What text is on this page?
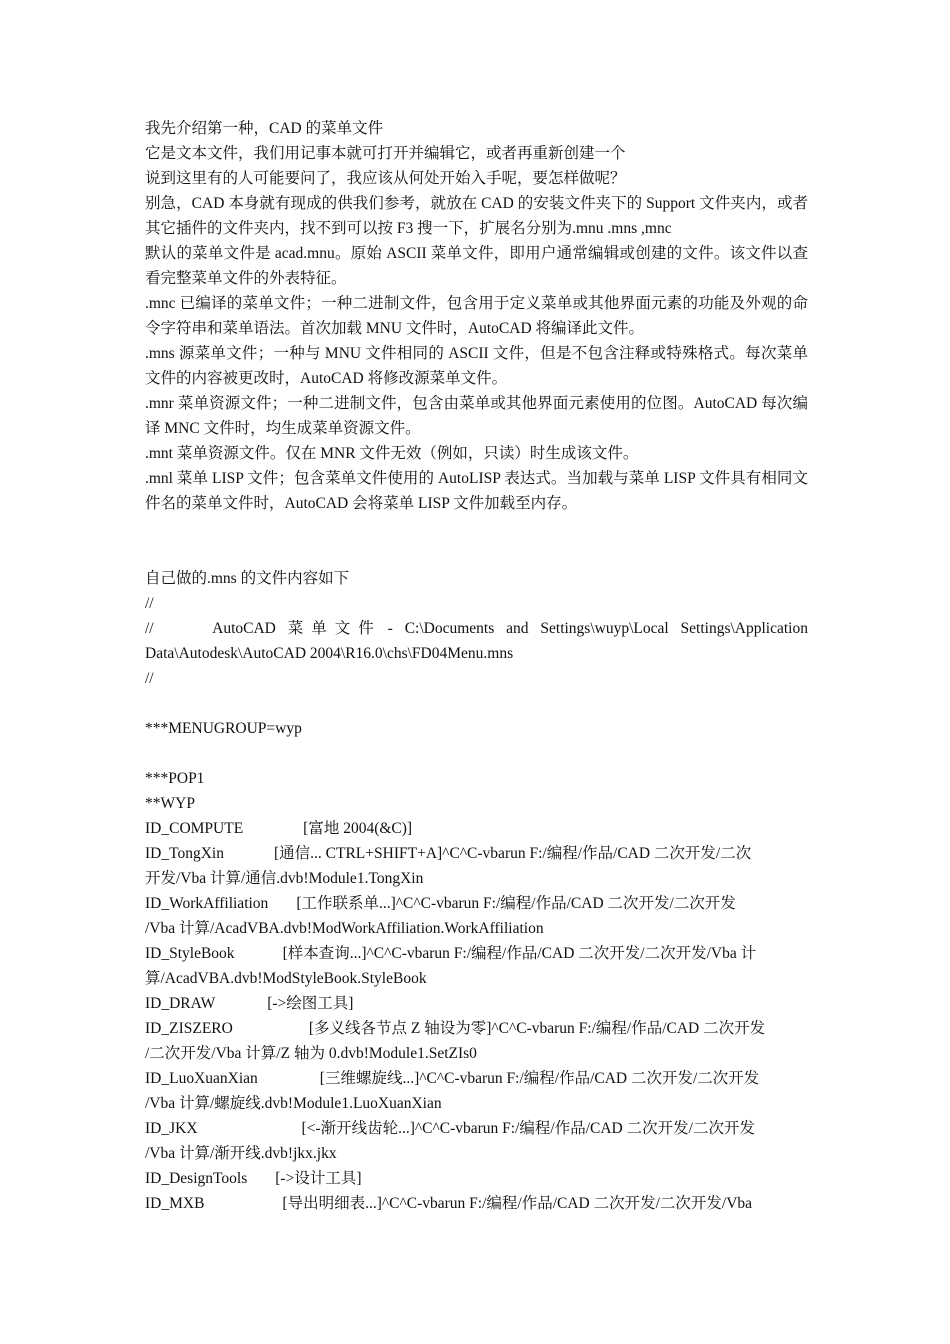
我先介绍第一种，CAD 的菜单文件

它是文本文件，我们用记事本就可打开并编辑它，或者再重新创建一个

说到这里有的人可能要问了，我应该从何处开始入手呢，要怎样做呢？

别急，CAD 本身就有现成的供我们参考，就放在 CAD 的安装文件夹下的 Support 文件夹内，或者其它插件的文件夹内，找不到可以按 F3 搜一下，扩展名分别为.mnu .mns ,mnc

默认的菜单文件是 acad.mnu。原始 ASCII 菜单文件，即用户通常编辑或创建的文件。该文件以查看完整菜单文件的外表特征。

.mnc 已编译的菜单文件；一种二进制文件，包含用于定义菜单或其他界面元素的功能及外观的命令字符串和菜单语法。首次加载 MNU 文件时，AutoCAD 将编译此文件。

.mns 源菜单文件；一种与 MNU 文件相同的 ASCII 文件，但是不包含注释或特殊格式。每次菜单文件的内容被更改时，AutoCAD 将修改源菜单文件。

.mnr 菜单资源文件；一种二进制文件，包含由菜单或其他界面元素使用的位图。AutoCAD 每次编译 MNC 文件时，均生成菜单资源文件。

.mnt 菜单资源文件。仅在 MNR 文件无效（例如，只读）时生成该文件。

.mnl 菜单 LISP 文件；包含菜单文件使用的 AutoLISP 表达式。当加载与菜单 LISP 文件具有相同文件名的菜单文件时，AutoCAD 会将菜单 LISP 文件加载至内存。

自己做的.mns 的文件内容如下

//

//          AutoCAD  菜 单 文 件  -  C:\Documents  and  Settings\wuyp\Local  Settings\Application Data\Autodesk\AutoCAD 2004\R16.0\chs\FD04Menu.mns

//

***MENUGROUP=wyp

***POP1

**WYP

ID_COMPUTE	[富地 2004(&C)]

ID_TongXin	[通信... CTRL+SHIFT+A]^C^C-vbarun F:/编程/作品/CAD 二次开发/二次

开发/Vba 计算/通信.dvb!Module1.TongXin

ID_WorkAffiliation [工作联系单...]^C^C-vbarun F:/编程/作品/CAD 二次开发/二次开发

/Vba 计算/AcadVBA.dvb!ModWorkAffiliation.WorkAffiliation

ID_StyleBook	[样本查询...]^C^C-vbarun F:/编程/作品/CAD 二次开发/二次开发/Vba 计

算/AcadVBA.dvb!ModStyleBook.StyleBook

ID_DRAW	[->绘图工具]

ID_ZISZERO	[多义线各节点 Z 轴设为零]^C^C-vbarun F:/编程/作品/CAD 二次开发

/二次开发/Vba 计算/Z 轴为 0.dvb!Module1.SetZIs0

ID_LuoXuanXian	[三维螺旋线...]^C^C-vbarun F:/编程/作品/CAD 二次开发/二次开发

/Vba 计算/螺旋线.dvb!Module1.LuoXuanXian

ID_JKX	[<-渐开线齿轮...]^C^C-vbarun F:/编程/作品/CAD 二次开发/二次开发

/Vba 计算/渐开线.dvb!jkx.jkx

ID_DesignTools [->设计工具]

ID_MXB	[导出明细表...]^C^C-vbarun F:/编程/作品/CAD 二次开发/二次开发/Vba
